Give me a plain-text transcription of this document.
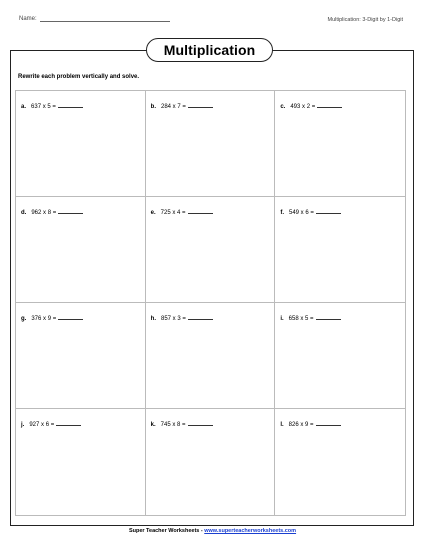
Name:	Multiplication: 3-Digit by 1-Digit
Multiplication
Rewrite each problem vertically and solve.
a. 637 x 5 =	b. 284 x 7 =	c. 493 x 2 =
d. 962 x 8 =	e. 725 x 4 =	f. 549 x 6 =
g. 376 x 9 =	h. 857 x 3 =	i. 658 x 5 =
j. 927 x 6 =	k. 745 x 8 =	l. 826 x 9 =
Super Teacher Worksheets - www.superteacherworksheets.com
